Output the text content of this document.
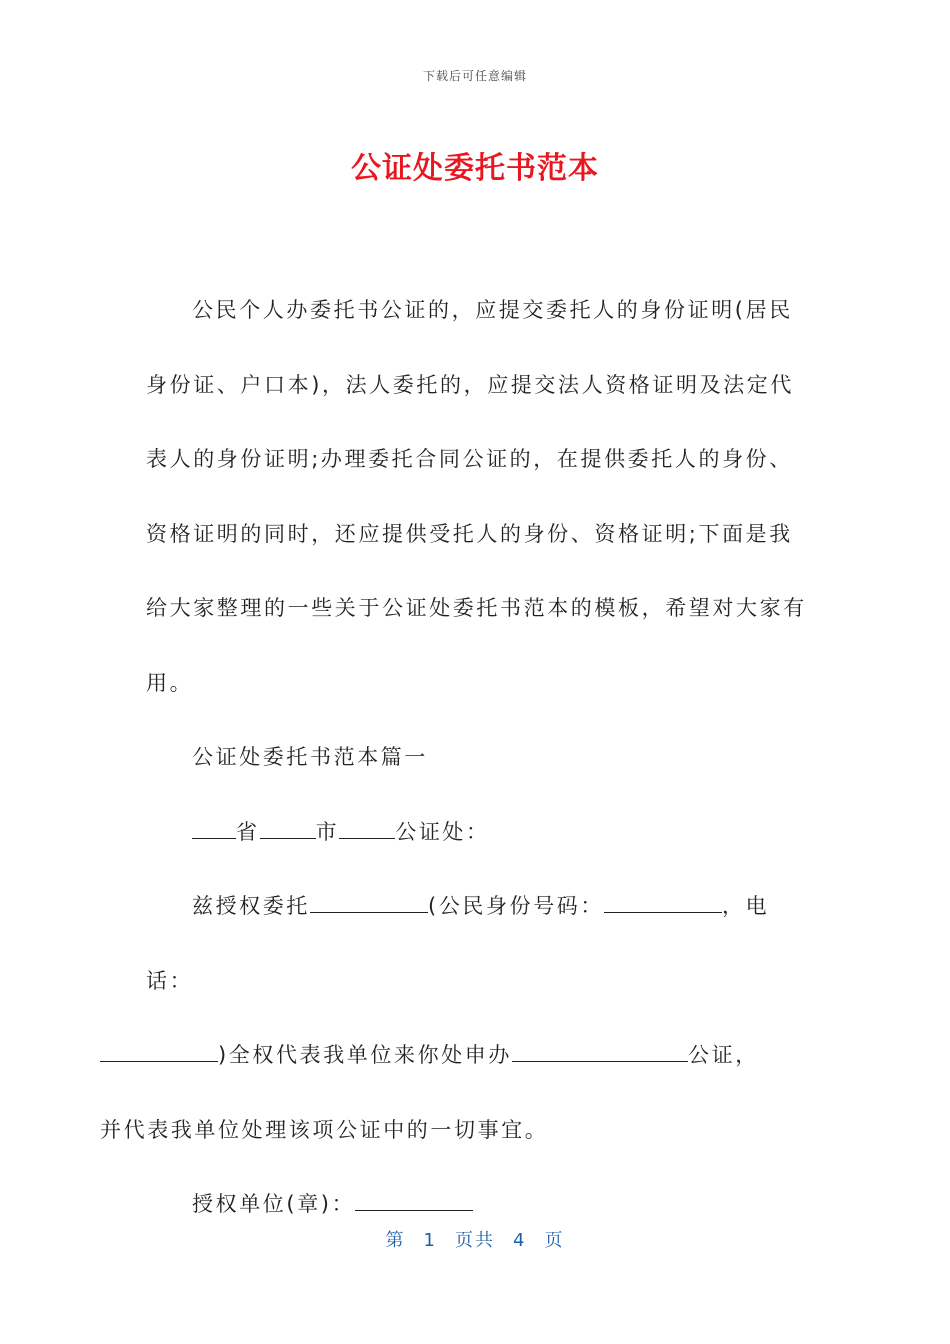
下载后可任意编辑
公证处委托书范本

公民个人办委托书公证的，应提交委托人的身份证明(居民身份证、户口本)，法人委托的，应提交法人资格证明及法定代表人的身份证明;办理委托合同公证的，在提供委托人的身份、资格证明的同时，还应提供受托人的身份、资格证明;下面是我给大家整理的一些关于公证处委托书范本的模板，希望对大家有用。

公证处委托书范本篇一

省	市	公证处：

兹授权委托	(公民身份号码：	，电话：
)全权代表我单位来你处申办	公证，
并代表我单位处理该项公证中的一切事宜。

授权单位(章)：

第 1 页共 4 页
